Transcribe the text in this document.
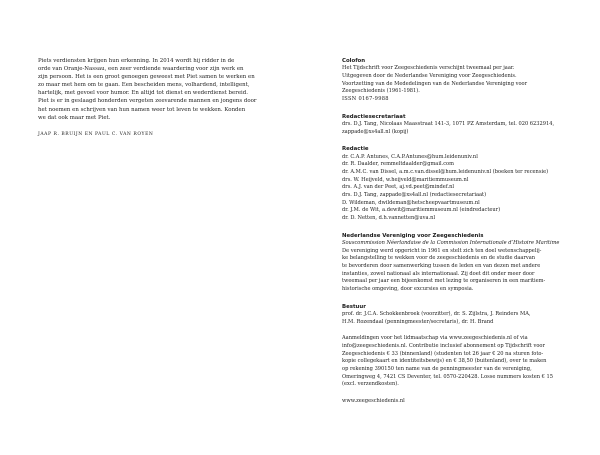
Piets verdiensten krijgen hun erkenning. In 2014 wordt hij ridder in de
orde van Oranje-Nassau, een zeer verdiende waardering voor zijn werk en
zijn persoon. Het is een groot genoegen geweest met Piet samen te werken en
zo maar met hem om te gaan. Een bescheiden mens, volhardend, intelligent,
hartelijk, met gevoel voor humor. En altijd tot dienst en wederdienst bereid.
Piet is er in geslaagd honderden vergeten zeevarende mannen en jongens door
het noemen en schrijven van hun namen weer tot leven te wekken. Konden
we dat ook maar met Piet.

JAAP R. BRUIJN EN PAUL C. VAN ROYEN

Colofon

Het Tijdschrift voor Zeegeschiedenis verschijnt tweemaal per jaar.

Uitgegeven door de Nederlandse Vereniging voor Zeegeschiedenis.

Voortzetting van de Mededelingen van de Nederlandse Vereniging voor

Zeegeschiedenis (1961-1981).

ISSN 0167-9988

Redactiesecretariaat

drs. D.J. Tang, Nicolaas Maasstraat 141-3, 1071 PZ Amsterdam, tel. 020 6232914,

zappade@xs4all.nl (kopij)

Redactie

dr. C.A.P. Antunes, C.A.P.Antunes@hum.leidenuniv.nl

dr. R. Daalder, remmeltdaalder@gmail.com

dr. A.M.C. van Dissel, a.m.c.van.dissel@hum.leidenuniv.nl (boeken ter recensie)

drs. W. Heijveld, w.heijveld@maritiemmuseum.nl

drs. A.J. van der Peet, aj.vd.peet@mindef.nl

drs. D.J. Tang, zappade@xs4all.nl (redactiesecretariaat)

D. Wildeman, dwildeman@hetscheepvaartmuseum.nl

dr. J.M. de Wit, a.dewit@maritiemmuseum.nl (eindredacteur)

dr. D. Netten, d.h.vannetten@uva.nl

Nederlandse Vereniging voor Zeegeschiedenis

Souscommission Néerlandaise de la Commission Internationale d’Histoire Maritime

De vereniging werd opgericht in 1961 en stelt zich ten doel wetenschappelij-
ke belangstelling te wekken voor de zeegeschiedenis en de studie daarvan
te bevorderen door samenwerking tussen de leden en van dezen met andere
instanties, zowel nationaal als internationaal. Zij doet dit onder meer door
tweemaal per jaar een bijeenkomst met lezing te organiseren in een maritiem-
historische omgeving, door excursies en symposia.

Bestuur

prof. dr. J.C.A. Schokkenbroek (voorzitter), dr. S. Zijlstra, J. Reinders MA,
H.M. Rozendaal (penningmeester/secretaris), dr. H. Brand

Aanmeldingen voor het lidmaatschap via www.zeegeschiedenis.nl of via
info@zeegeschiedenis.nl. Contributie inclusief abonnement op Tijdschrift voor
Zeegeschiedenis € 33 (binnenland) (studenten tot 26 jaar € 20 na sturen foto-
kopie collegekaart en identiteitsbewijs) en € 38,50 (buitenland), over te maken
op rekening 390150 ten name van de penningmeester van de vereniging,
Omeringweg 4, 7421 CS Deventer, tel. 0570-220428. Losse nummers kosten € 15
(excl. verzendkosten).

www.zeegeschiedenis.nl
